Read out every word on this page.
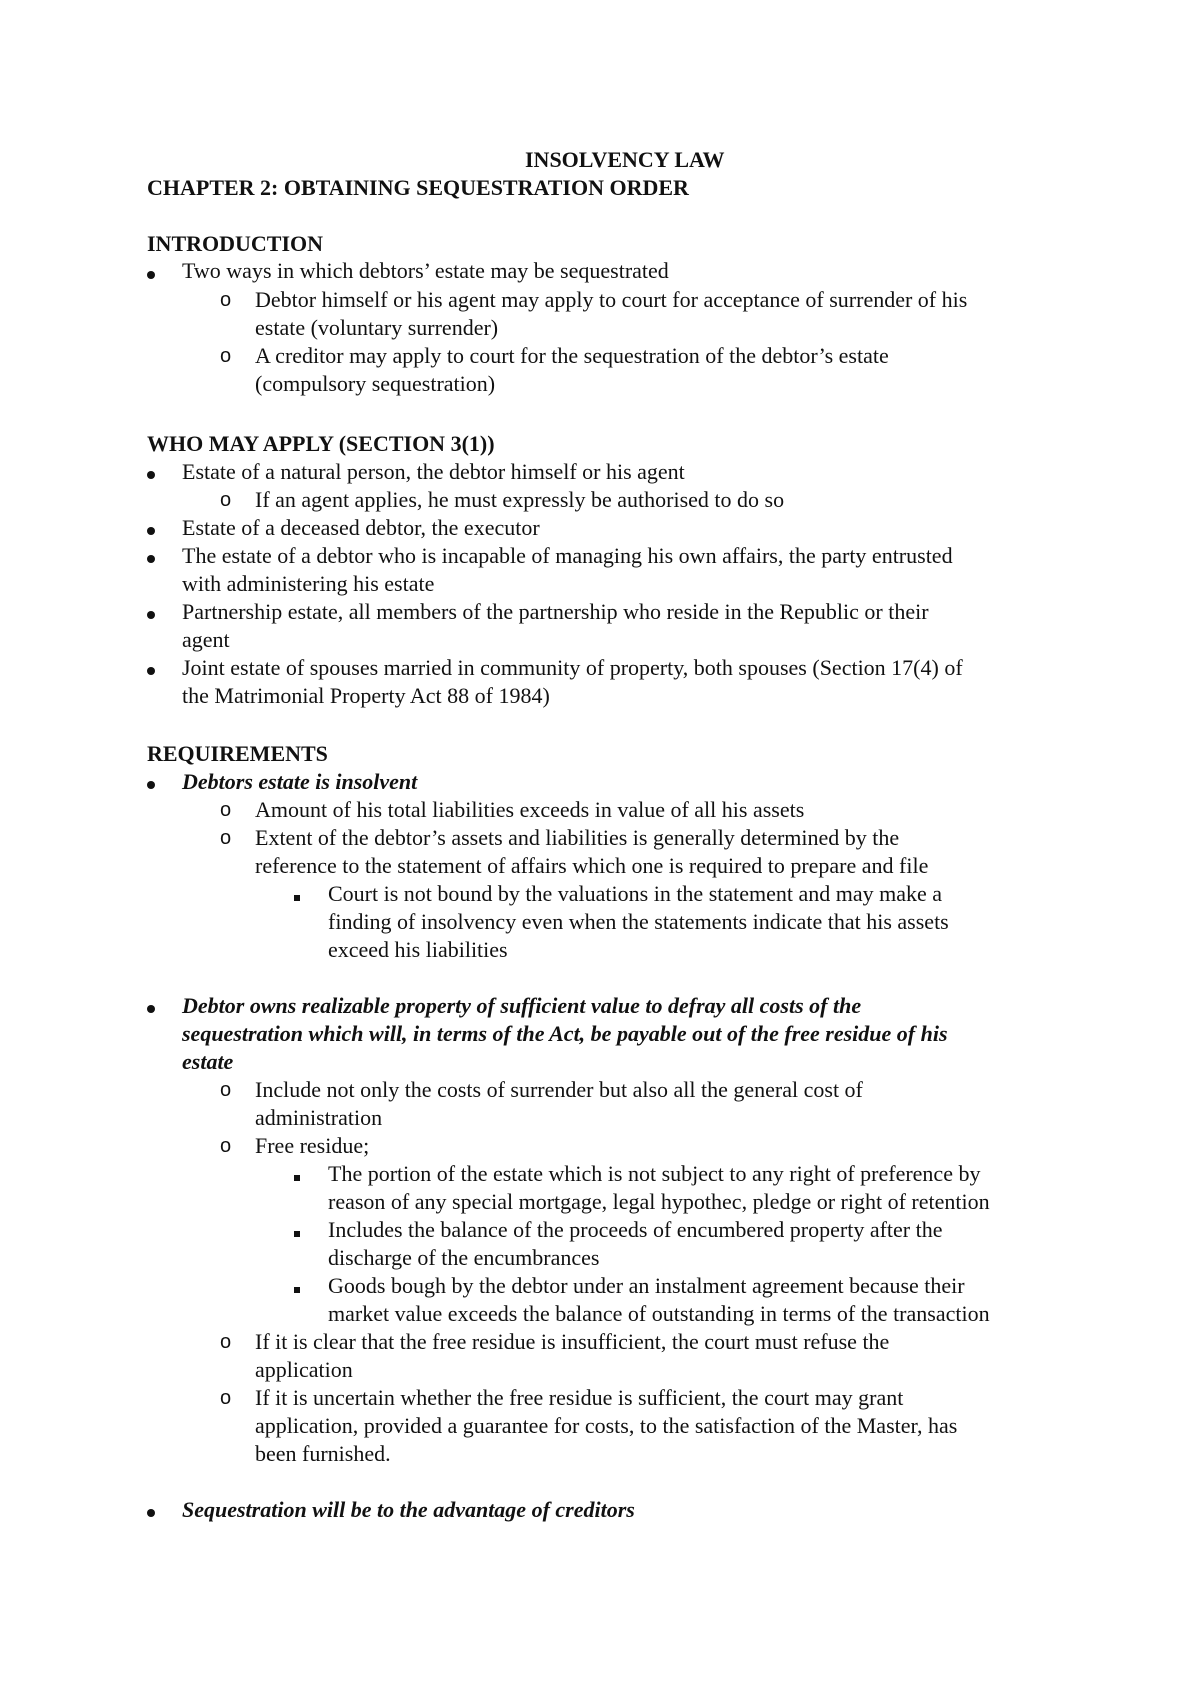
INSOLVENCY LAW
CHAPTER 2: OBTAINING SEQUESTRATION ORDER
INTRODUCTION
Two ways in which debtors’ estate may be sequestrated
o Debtor himself or his agent may apply to court for acceptance of surrender of his
estate (voluntary surrender)
o A creditor may apply to court for the sequestration of the debtor’s estate
(compulsory sequestration)
WHO MAY APPLY (SECTION 3(1))
Estate of a natural person, the debtor himself or his agent
o If an agent applies, he must expressly be authorised to do so
Estate of a deceased debtor, the executor
The estate of a debtor who is incapable of managing his own affairs, the party entrusted
with administering his estate
Partnership estate, all members of the partnership who reside in the Republic or their
agent
Joint estate of spouses married in community of property, both spouses (Section 17(4) of
the Matrimonial Property Act 88 of 1984)
REQUIREMENTS
Debtors estate is insolvent
o Amount of his total liabilities exceeds in value of all his assets
o Extent of the debtor’s assets and liabilities is generally determined by the
reference to the statement of affairs which one is required to prepare and file
Court is not bound by the valuations in the statement and may make a
finding of insolvency even when the statements indicate that his assets
exceed his liabilities
Debtor owns realizable property of sufficient value to defray all costs of the
sequestration which will, in terms of the Act, be payable out of the free residue of his
estate
o Include not only the costs of surrender but also all the general cost of
administration
o Free residue;
The portion of the estate which is not subject to any right of preference by
reason of any special mortgage, legal hypothec, pledge or right of retention
Includes the balance of the proceeds of encumbered property after the
discharge of the encumbrances
Goods bough by the debtor under an instalment agreement because their
market value exceeds the balance of outstanding in terms of the transaction
o If it is clear that the free residue is insufficient, the court must refuse the
application
o If it is uncertain whether the free residue is sufficient, the court may grant
application, provided a guarantee for costs, to the satisfaction of the Master, has
been furnished.
Sequestration will be to the advantage of creditors
